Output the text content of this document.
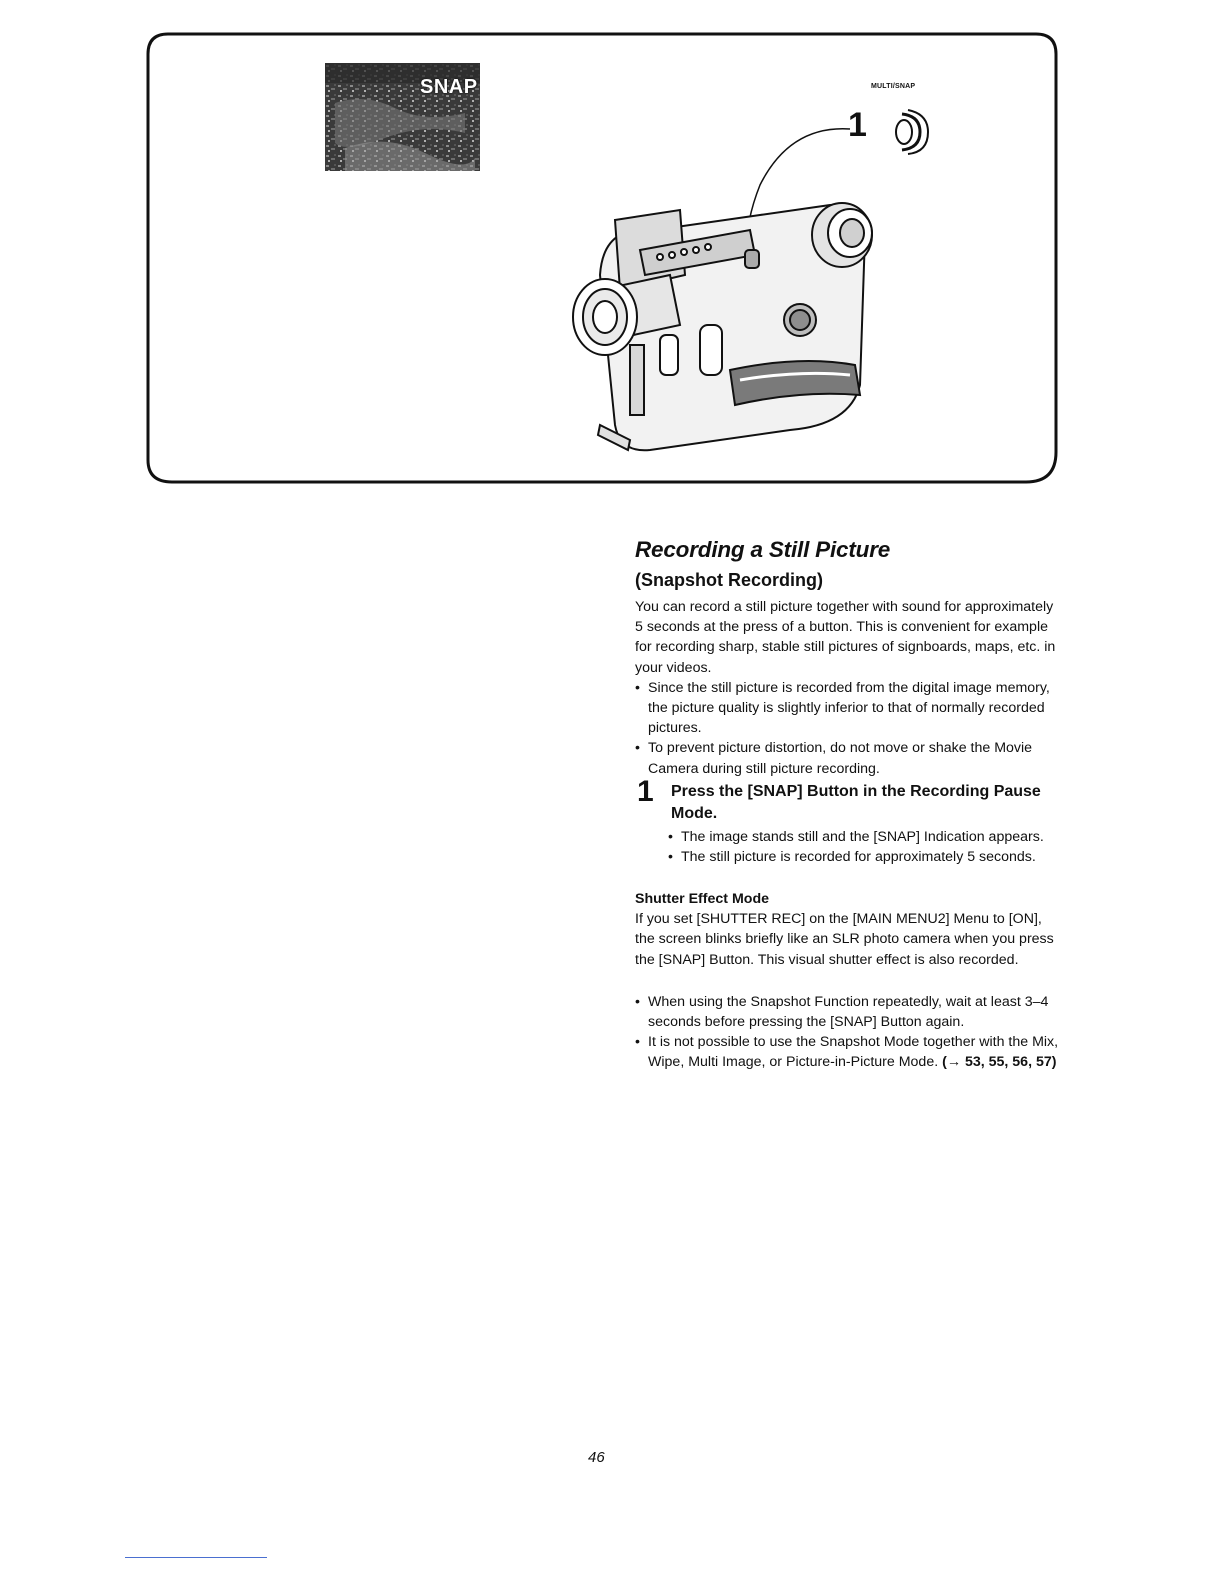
SNAP	MULTI/SNAP
1
Recording a Still Picture
(Snapshot Recording)

You can record a still picture together with sound for approximately 5 seconds at the press of a button. This is convenient for example for recording sharp, stable still pictures of signboards, maps, etc. in your videos.

• Since the still picture is recorded from the digital image memory, the picture quality is slightly inferior to that of normally recorded pictures.
• To prevent picture distortion, do not move or shake the Movie Camera during still picture recording.
1 Press the [SNAP] Button in the Recording Pause Mode.
• The image stands still and the [SNAP] Indication appears.
• The still picture is recorded for approximately 5 seconds.
Shutter Effect Mode

If you set [SHUTTER REC] on the [MAIN MENU2] Menu to [ON], the screen blinks briefly like an SLR photo camera when you press the [SNAP] Button. This visual shutter effect is also recorded.

• When using the Snapshot Function repeatedly, wait at least 3–4 seconds before pressing the [SNAP] Button again.
• It is not possible to use the Snapshot Mode together with the Mix, Wipe, Multi Image, or Picture-in-Picture Mode. (→ 53, 55, 56, 57)
46
